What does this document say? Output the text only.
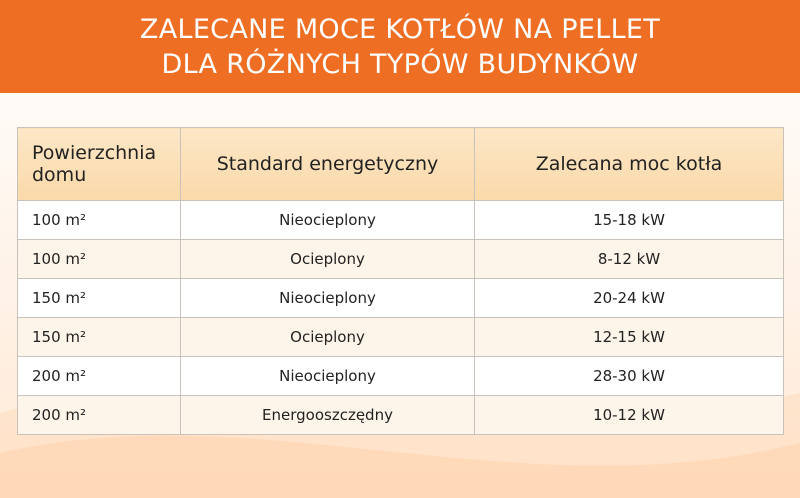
ZALECANE MOCE KOTŁÓW NA PELLET
DLA RÓŻNYCH TYPÓW BUDYNKÓW
Powierzchnia domu	Standard energetyczny	Zalecana moc kotła
100 m²	Nieocieplony	15-18 kW
100 m²	Ocieplony	8-12 kW
150 m²	Nieocieplony	20-24 kW
150 m²	Ocieplony	12-15 kW
200 m²	Nieocieplony	28-30 kW
200 m²	Energooszczędny	10-12 kW
